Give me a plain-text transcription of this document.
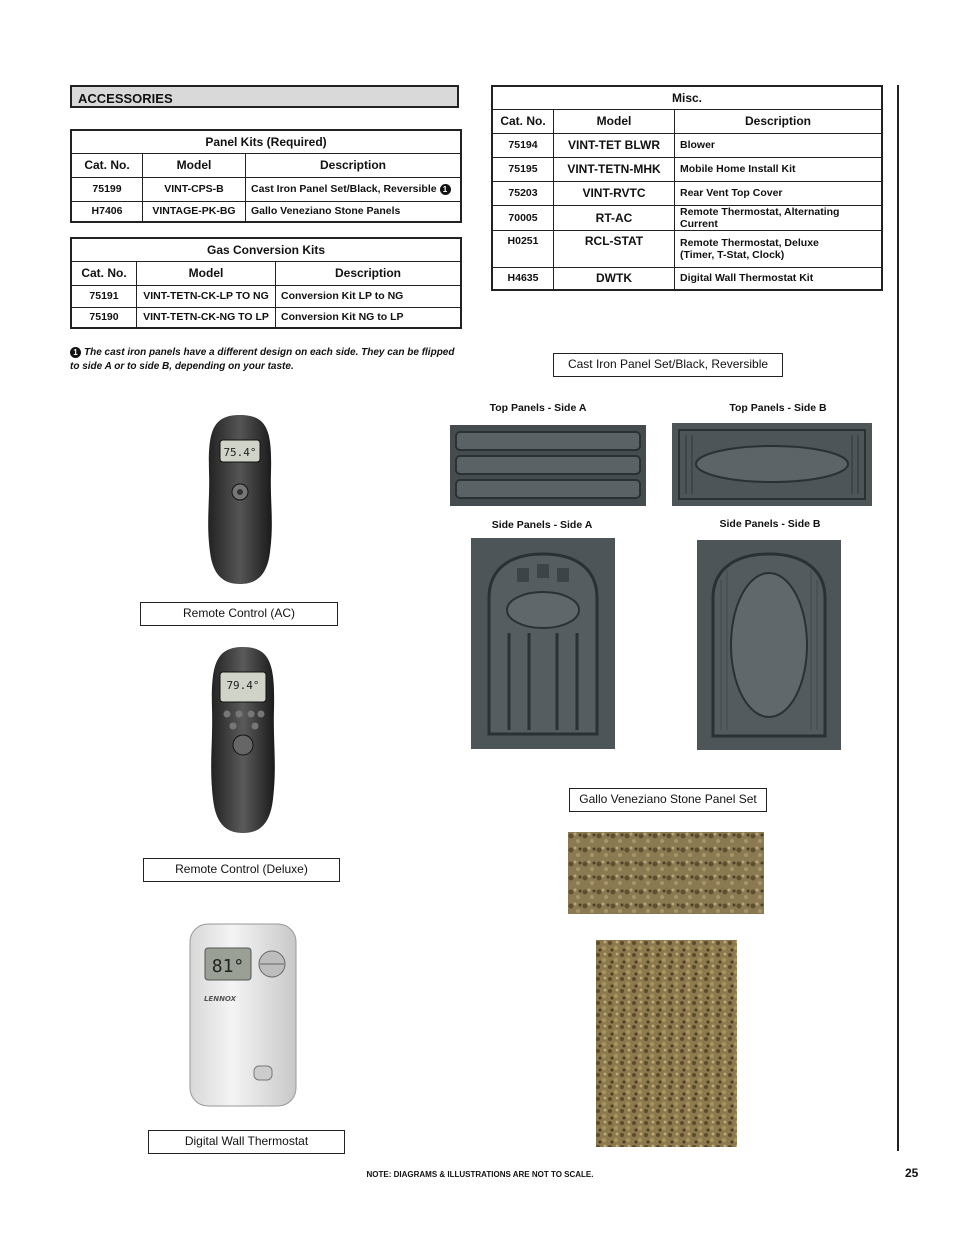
ACCESSORIES
Panel Kits (Required)		
Cat. No.	Model	Description
75199	VINT-CPS-B	Cast Iron Panel Set/Black, Reversible 1
H7406	VINTAGE-PK-BG	Gallo Veneziano Stone Panels
Gas Conversion Kits		
Cat. No.	Model	Description
75191	VINT-TETN-CK-LP TO NG	Conversion Kit LP to NG
75190	VINT-TETN-CK-NG TO LP	Conversion Kit NG to LP
Misc.		
Cat. No.	Model	Description
75194	VINT-TET BLWR	Blower
75195	VINT-TETN-MHK	Mobile Home Install Kit
75203	VINT-RVTC	Rear Vent Top Cover
70005	RT-AC	Remote Thermostat, Alternating Current
H0251	RCL-STAT	Remote Thermostat, Deluxe
(Timer, T-Stat, Clock)

H4635	DWTK	Digital Wall Thermostat Kit
1 The cast iron panels have a different design on each side. They can be flipped to side A or to side B, depending on your taste.	Cast Iron Panel Set/Black, Reversible
Remote Control (AC)
Remote Control (Deluxe)
Digital Wall Thermostat
Gallo Veneziano Stone Panel Set
Top Panels - Side A	Top Panels - Side B
Side Panels - Side A	Side Panels - Side B
75.4°
79.4°
81°
LENNOX
25
NOTE: DIAGRAMS & ILLUSTRATIONS ARE NOT TO SCALE.
